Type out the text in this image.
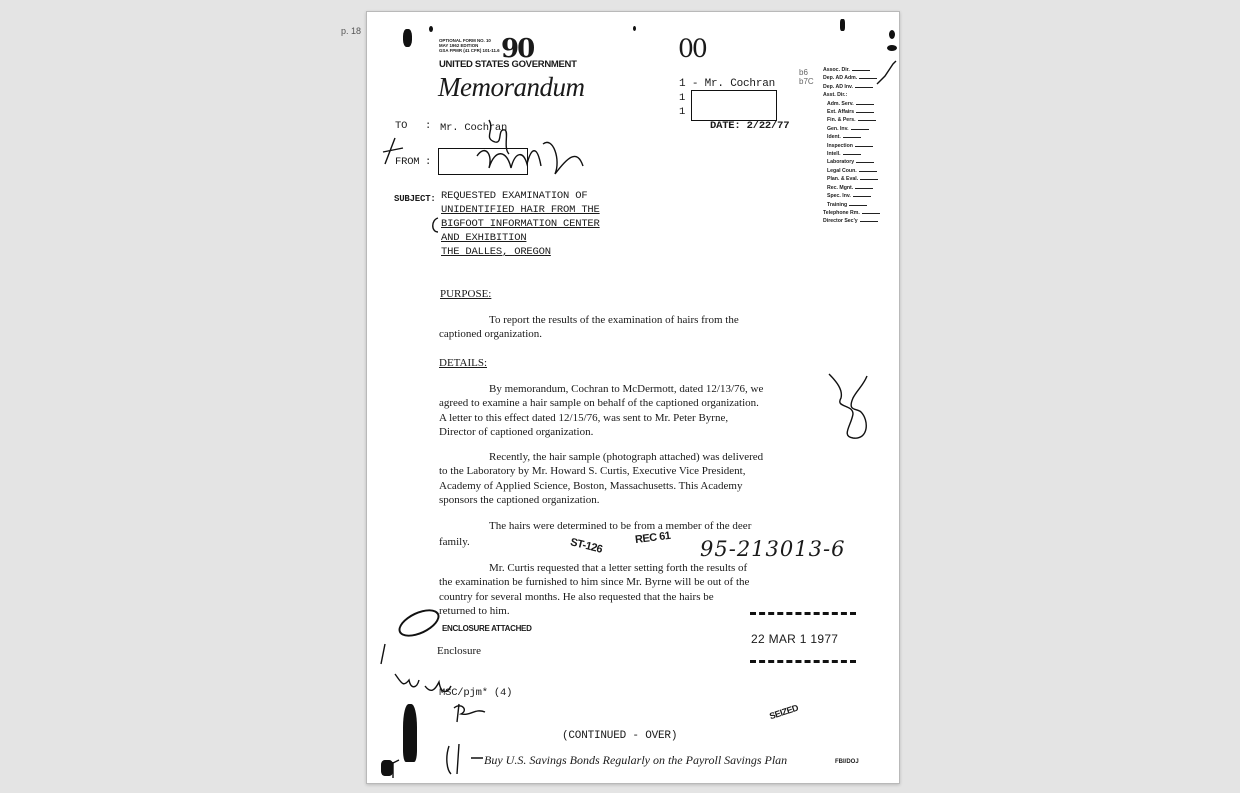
p. 18
OPTIONAL FORM NO. 10
MAY 1962 EDITION
GSA FPMR (41 CFR) 101-11.6
UNITED STATES GOVERNMENT
Memorandum
90	00
1 - Mr. Cochran
1
1
b6
b7C
Assoc. Dir.
Dep. AD Adm.
Dep. AD Inv.
Asst. Dir.:
Adm. Serv.
Ext. Affairs
Fin. & Pers.
Gen. Inv.
Ident.
Inspection
Intell.
Laboratory
Legal Coun.
Plan. & Eval.
Rec. Mgnt.
Spec. Inv.
Training
Telephone Rm.
Director Sec'y
TO : Mr. Cochran
FROM :
DATE: 2/22/77
SUBJECT: REQUESTED EXAMINATION OF
UNIDENTIFIED HAIR FROM THE
BIGFOOT INFORMATION CENTER
AND EXHIBITION
THE DALLES, OREGON
PURPOSE:

To report the results of the examination of hairs from the

captioned organization.

DETAILS:

By memorandum, Cochran to McDermott, dated 12/13/76, we

agreed to examine a hair sample on behalf of the captioned organization.

A letter to this effect dated 12/15/76, was sent to Mr. Peter Byrne,

Director of captioned organization.

Recently, the hair sample (photograph attached) was delivered

to the Laboratory by Mr. Howard S. Curtis, Executive Vice President,

Academy of Applied Science, Boston, Massachusetts. This Academy

sponsors the captioned organization.

The hairs were determined to be from a member of the deer

family.	ST-126	REC 61 95-213013-6

Mr. Curtis requested that a letter setting forth the results of

the examination be furnished to him since Mr. Byrne will be out of the

country for several months. He also requested that the hairs be

returned to him.

22 MAR 1 1977
ENCLOSURE ATTACHED
Enclosure
MSC/pjm* (4)
SEIZED
(CONTINUED - OVER)
Buy U.S. Savings Bonds Regularly on the Payroll Savings Plan	FBI/DOJ
